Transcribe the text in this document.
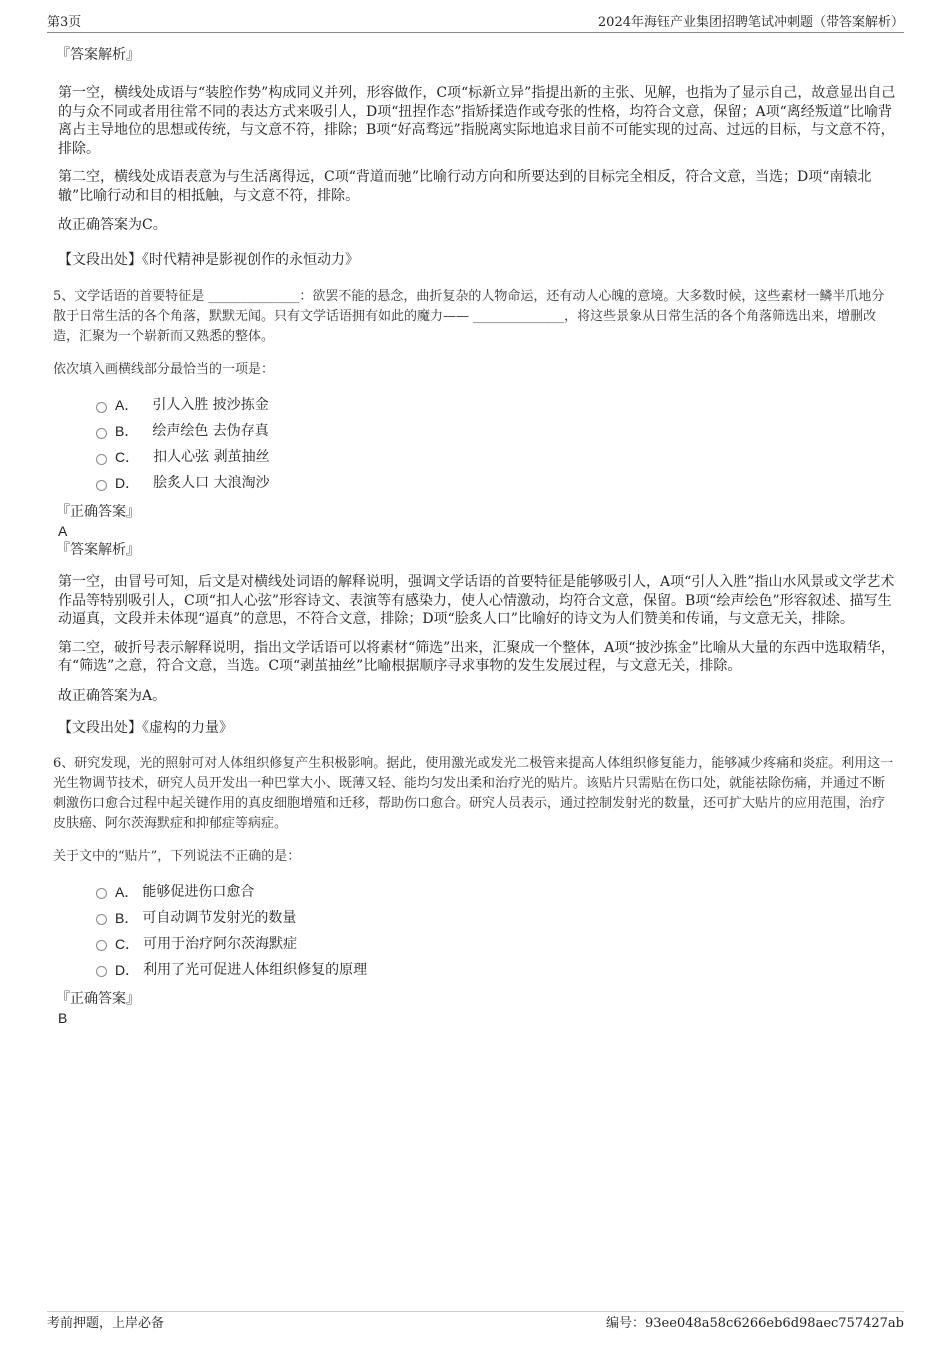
第3页	2024年海钰产业集团招聘笔试冲刺题（带答案解析）

『答案解析』

第一空，横线处成语与“装腔作势”构成同义并列，形容做作，C项“标新立异”指提出新的主张、见解，也指为了显示自己，故意显出自己的与众不同或者用往常不同的表达方式来吸引人，D项“扭捏作态”指矫揉造作或夸张的性格，均符合文意，保留；A项“离经叛道”比喻背离占主导地位的思想或传统，与文意不符，排除；B项“好高骛远”指脱离实际地追求目前不可能实现的过高、过远的目标，与文意不符，排除。

第二空，横线处成语表意为与生活离得远，C项“背道而驰”比喻行动方向和所要达到的目标完全相反，符合文意，当选；D项“南辕北辙”比喻行动和目的相抵触，与文意不符，排除。

故正确答案为C。

【文段出处】《时代精神是影视创作的永恒动力》

5、文学话语的首要特征是 ______________：欲罢不能的悬念，曲折复杂的人物命运，还有动人心魄的意境。大多数时候，这些素材一鳞半爪地分散于日常生活的各个角落，默默无闻。只有文学话语拥有如此的魔力—— ______________，将这些景象从日常生活的各个角落筛选出来，增删改造，汇聚为一个崭新而又熟悉的整体。

依次填入画横线部分最恰当的一项是：

A． 引人入胜 披沙拣金
B． 绘声绘色 去伪存真
C． 扣人心弦 剥茧抽丝
D． 脍炙人口 大浪淘沙

『正确答案』

A

『答案解析』

第一空，由冒号可知，后文是对横线处词语的解释说明，强调文学话语的首要特征是能够吸引人，A项“引人入胜”指山水风景或文学艺术作品等特别吸引人，C项“扣人心弦”形容诗文、表演等有感染力，使人心情激动，均符合文意，保留。B项“绘声绘色”形容叙述、描写生动逼真，文段并未体现“逼真”的意思，不符合文意，排除；D项“脍炙人口”比喻好的诗文为人们赞美和传诵，与文意无关，排除。

第二空，破折号表示解释说明，指出文学话语可以将素材“筛选”出来，汇聚成一个整体，A项“披沙拣金”比喻从大量的东西中选取精华，有“筛选”之意，符合文意，当选。C项“剥茧抽丝”比喻根据顺序寻求事物的发生发展过程，与文意无关，排除。

故正确答案为A。

【文段出处】《虚构的力量》

6、研究发现，光的照射可对人体组织修复产生积极影响。据此，使用激光或发光二极管来提高人体组织修复能力，能够减少疼痛和炎症。利用这一光生物调节技术，研究人员开发出一种巴掌大小、既薄又轻、能均匀发出柔和治疗光的贴片。该贴片只需贴在伤口处，就能祛除伤痛，并通过不断刺激伤口愈合过程中起关键作用的真皮细胞增殖和迁移，帮助伤口愈合。研究人员表示，通过控制发射光的数量，还可扩大贴片的应用范围，治疗皮肤癌、阿尔茨海默症和抑郁症等病症。

关于文中的“贴片”，下列说法不正确的是：

A． 能够促进伤口愈合
B． 可自动调节发射光的数量
C． 可用于治疗阿尔茨海默症
D． 利用了光可促进人体组织修复的原理

『正确答案』

B

考前押题，上岸必备	编号：93ee048a58c6266eb6d98aec757427ab
